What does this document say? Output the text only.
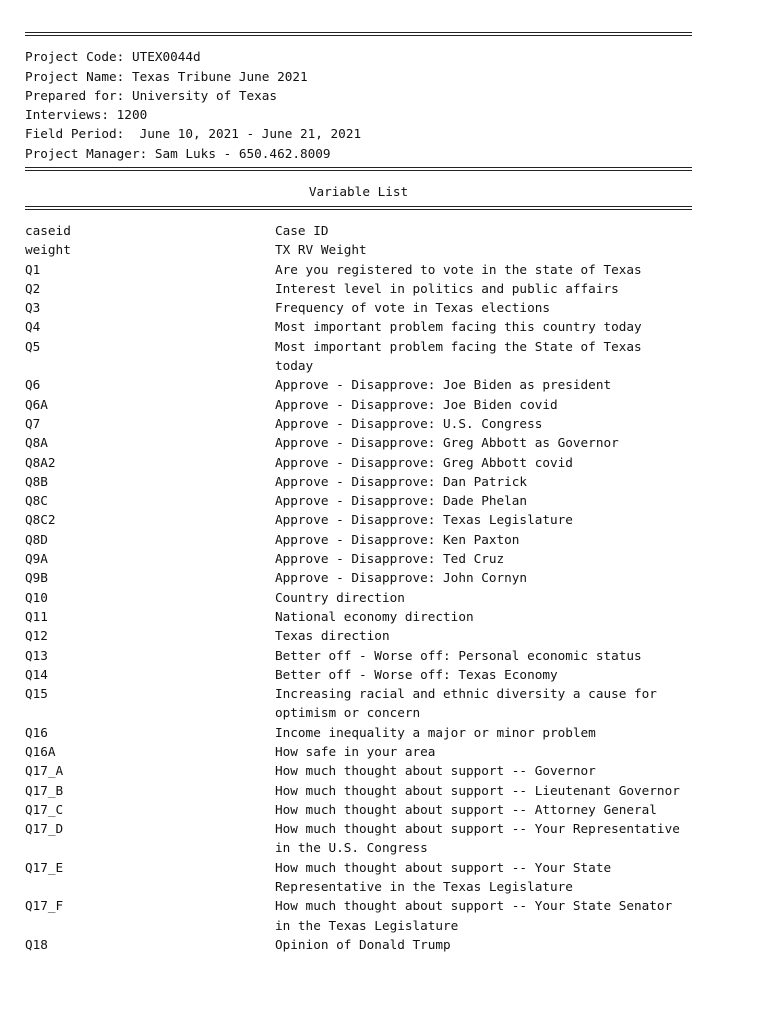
Project Code: UTEX0044d
Project Name: Texas Tribune June 2021
Prepared for: University of Texas
Interviews: 1200
Field Period:  June 10, 2021 - June 21, 2021
Project Manager: Sam Luks - 650.462.8009
Variable List
caseid	Case ID
weight	TX RV Weight
Q1	Are you registered to vote in the state of Texas
Q2	Interest level in politics and public affairs
Q3	Frequency of vote in Texas elections
Q4	Most important problem facing this country today
Q5	Most important problem facing the State of Texas today
Q6	Approve - Disapprove: Joe Biden as president
Q6A	Approve - Disapprove: Joe Biden covid
Q7	Approve - Disapprove: U.S. Congress
Q8A	Approve - Disapprove: Greg Abbott as Governor
Q8A2	Approve - Disapprove: Greg Abbott covid
Q8B	Approve - Disapprove: Dan Patrick
Q8C	Approve - Disapprove: Dade Phelan
Q8C2	Approve - Disapprove: Texas Legislature
Q8D	Approve - Disapprove: Ken Paxton
Q9A	Approve - Disapprove: Ted Cruz
Q9B	Approve - Disapprove: John Cornyn
Q10	Country direction
Q11	National economy direction
Q12	Texas direction
Q13	Better off - Worse off: Personal economic status
Q14	Better off - Worse off: Texas Economy
Q15	Increasing racial and ethnic diversity a cause for optimism or concern
Q16	Income inequality a major or minor problem
Q16A	How safe in your area
Q17_A	How much thought about support -- Governor
Q17_B	How much thought about support -- Lieutenant Governor
Q17_C	How much thought about support -- Attorney General
Q17_D	How much thought about support -- Your Representative in the U.S. Congress
Q17_E	How much thought about support -- Your State Representative in the Texas Legislature
Q17_F	How much thought about support -- Your State Senator in the Texas Legislature
Q18	Opinion of Donald Trump
